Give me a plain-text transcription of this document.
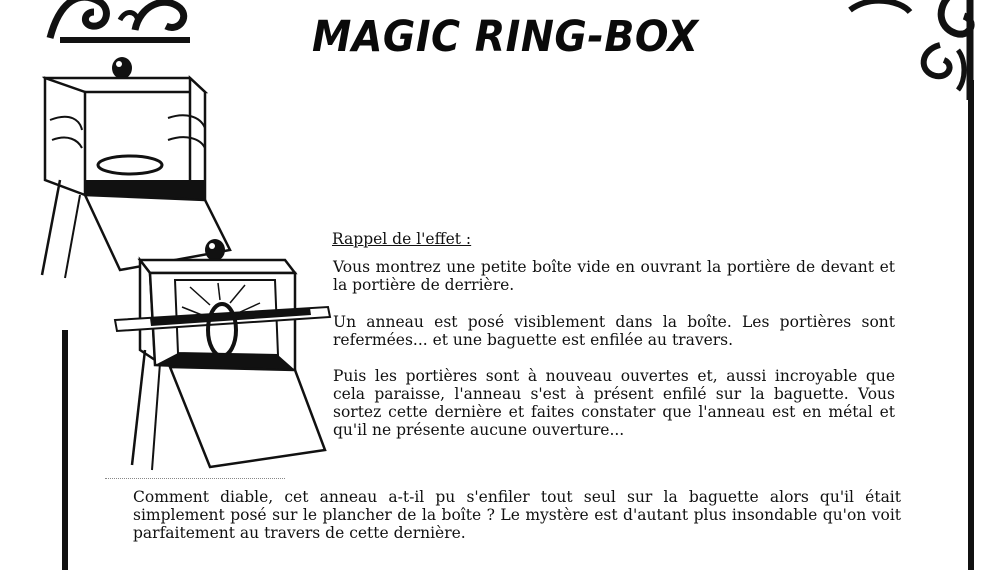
MAGIC RING-BOX
Rappel de l'effet :

Vous montrez une petite boîte vide en ouvrant la portière de devant et la portière de derrière.

Un anneau est posé visiblement dans la boîte. Les portières sont refermées... et une baguette est enfilée au travers.

Puis les portières sont à nouveau ouvertes et, aussi incroyable que cela paraisse, l'anneau s'est à présent enfilé sur la baguette. Vous sortez cette dernière et faites constater que l'anneau est en métal et qu'il ne présente aucune ouverture...

Comment diable, cet anneau a-t-il pu s'enfiler tout seul sur la baguette alors qu'il était simplement posé sur le plancher de la boîte ? Le mystère est d'autant plus insondable qu'on voit parfaitement au travers de cette dernière.
